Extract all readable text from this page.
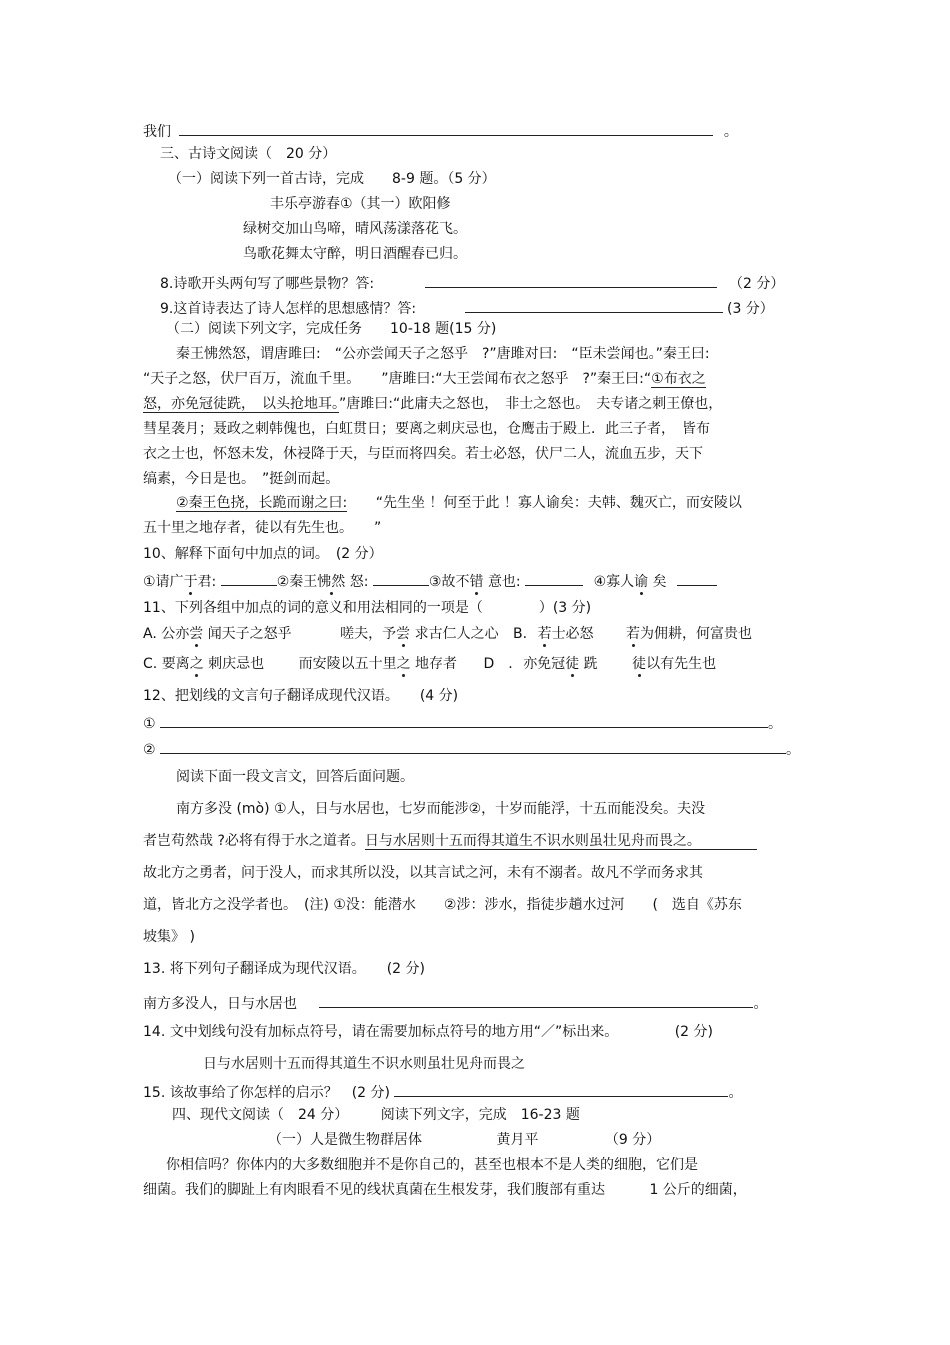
我们	。
三、古诗文阅读（　20 分）
（一）阅读下列一首古诗，完成　　8-9 题。（5 分）
丰乐亭游春①（其一）欧阳修
绿树交加山鸟啼，晴风荡漾落花飞。
鸟歌花舞太守醉，明日酒醒春已归。
8.诗歌开头两句写了哪些景物？答:	（2 分）
9.这首诗表达了诗人怎样的思想感情？答:	(3 分）
（二）阅读下列文字，完成任务　　10-18 题(15 分)
秦王怫然怒，谓唐雎曰:　“公亦尝闻天子之怒乎　?”唐雎对曰:　“臣未尝闻也。”秦王曰:
“天子之怒，伏尸百万，流血千里。　　”唐雎曰:“大王尝闻布衣之怒乎　?”秦王曰:“①布衣之
怒，亦免冠徒跣，　以头抢地耳。”唐雎曰:“此庸夫之怒也，　非士之怒也。　夫专诸之刺王僚也，
彗星袭月；聂政之刺韩傀也，白虹贯日；要离之刺庆忌也，仓鹰击于殿上．此三子者，　皆布
衣之士也，怀怒未发，休祲降于天，与臣而将四矣。若士必怒，伏尸二人，流血五步，天下
缟素，今日是也。　”挺剑而起。
②秦王色挠，长跪而谢之曰: “先生坐 ！何至于此 ！寡人谕矣：夫韩、魏灭亡，而安陵以
五十里之地存者，徒以有先生也。　　”
10、解释下面句中加点的词。　(2 分）
①请广于君:	②秦王怫然 怒:	③故不错 意也:	④寡人谕 矣
11、下列各组中加点的词的意义和用法相同的一项是（　　　　）(3 分)
A. 公亦尝 闻天子之怒乎	嗟夫，予尝 求古仁人之心 B. 若士必怒 若为佣耕，何富贵也
C. 要离之 刺庆忌也 而安陵以五十里之 地存者 D　. 亦免冠徒 跣 徒以有先生也
12、把划线的文言句子翻译成现代汉语。　　(4 分)
①	。
②	。
阅读下面一段文言文，回答后面问题。
南方多没 (mò) ①人，日与水居也，七岁而能涉②，十岁而能浮，十五而能没矣。夫没
者岂苟然哉 ?必将有得于水之道者。日与水居则十五而得其道生不识水则虽壮见舟而畏之。
故北方之勇者，问于没人，而求其所以没，以其言试之河，未有不溺者。故凡不学而务求其
道，皆北方之没学者也。　(注) ①没：能潜水　　②涉：涉水，指徒步趟水过河　　(　选自《苏东
坡集》 )
13. 将下列句子翻译成为现代汉语。　　(2 分)
南方多没人，日与水居也	。
14. 文中划线句没有加标点符号，请在需要加标点符号的地方用“／”标出来。	(2 分)
日与水居则十五而得其道生不识水则虽壮见舟而畏之
15. 该故事给了你怎样的启示？　(2 分)	。
四、现代文阅读（　24 分） 阅读下列文字，完成　16-23 题
（一）人是微生物群居体	黄月平	（9 分）
你相信吗？你体内的大多数细胞并不是你自己的，甚至也根本不是人类的细胞，它们是
细菌。我们的脚趾上有肉眼看不见的线状真菌在生根发芽，我们腹部有重达	1 公斤的细菌，
